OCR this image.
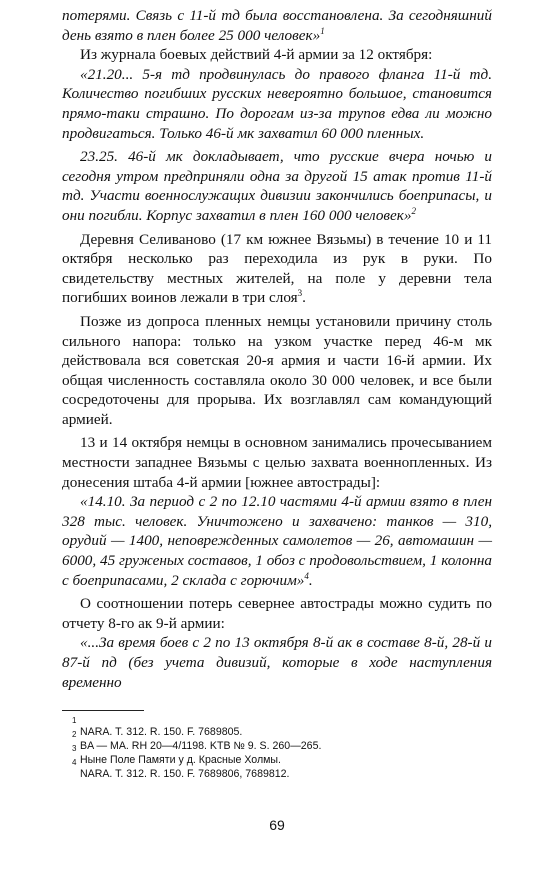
потерями. Связь с 11-й тд была восстановлена. За сегодняшний день взято в плен более 25 000 человек»$^1$

Из журнала боевых действий 4-й армии за 12 октября:

«21.20... 5-я тд продвинулась до правого фланга 11-й тд. Количество погибших русских невероятно большое, становится прямо-таки страшно. По дорогам из-за трупов едва ли можно продвигаться. Только 46-й мк захватил 60 000 пленных.

23.25. 46-й мк докладывает, что русские вчера ночью и сегодня утром предприняли одна за другой 15 атак против 11-й тд. Участи военнослужащих дивизии закончились боеприпасы, и они погибли. Корпус захватил в плен 160 000 человек»$^2$

Деревня Селиваново (17 км южнее Вязьмы) в течение 10 и 11 октября несколько раз переходила из рук в руки. По свидетельству местных жителей, на поле у деревни тела погибших воинов лежали в три слоя$^3$.

Позже из допроса пленных немцы установили причину столь сильного напора: только на узком участке перед 46-м мк действовала вся советская 20-я армия и части 16-й армии. Их общая численность составляла около 30 000 человек, и все были сосредоточены для прорыва. Их возглавлял сам командующий армией.

13 и 14 октября немцы в основном занимались прочесыванием местности западнее Вязьмы с целью захвата военнопленных. Из донесения штаба 4-й армии [южнее автострады]:

«14.10. За период с 2 по 12.10 частями 4-й армии взято в плен 328 тыс. человек. Уничтожено и захвачено: танков — 310, орудий — 1400, неповрежденных самолетов — 26, автомашин — 6000, 45 груженых составов, 1 обоз с продовольствием, 1 колонна с боеприпасами, 2 склада с горючим»$^4$.

О соотношении потерь севернее автострады можно судить по отчету 8-го ак 9-й армии:

«...За время боев с 2 по 13 октября 8-й ак в составе 8-й, 28-й и 87-й пд (без учета дивизий, которые в ходе наступления временно

1
NARA. T. 312. R. 150. F. 7689805.
2
BA — MA. RH 20—4/1198. KTB № 9. S. 260—265.
3
Ныне Поле Памяти у д. Красные Холмы.
4
NARA. T. 312. R. 150. F. 7689806, 7689812.
69
